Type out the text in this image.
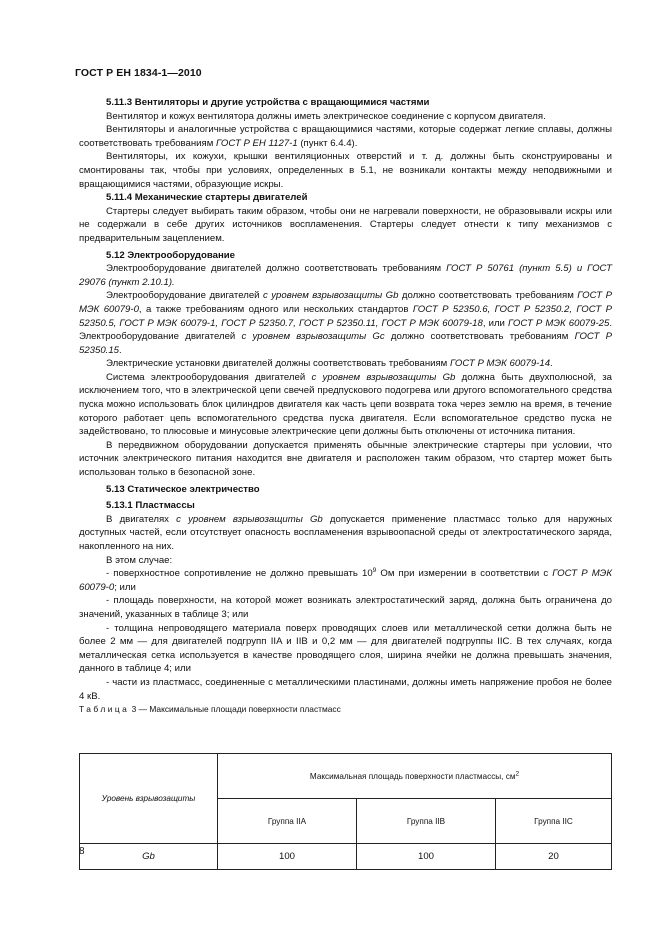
ГОСТ Р ЕН 1834-1—2010

5.11.3 Вентиляторы и другие устройства с вращающимися частями

Вентилятор и кожух вентилятора должны иметь электрическое соединение с корпусом двигателя.

Вентиляторы и аналогичные устройства с вращающимися частями, которые содержат легкие сплавы, должны соответствовать требованиям ГОСТ Р ЕН 1127-1 (пункт 6.4.4).

Вентиляторы, их кожухи, крышки вентиляционных отверстий и т. д. должны быть сконструированы и смонтированы так, чтобы при условиях, определенных в 5.1, не возникали контакты между неподвижными и вращающимися частями, образующие искры.

5.11.4 Механические стартеры двигателей

Стартеры следует выбирать таким образом, чтобы они не нагревали поверхности, не образовывали искры или не содержали в себе других источников воспламенения. Стартеры следует отнести к типу механизмов с предварительным зацеплением.

5.12 Электрооборудование

Электрооборудование двигателей должно соответствовать требованиям ГОСТ Р 50761 (пункт 5.5) и ГОСТ 29076 (пункт 2.10.1).

Электрооборудование двигателей с уровнем взрывозащиты Gb должно соответствовать требованиям ГОСТ Р МЭК 60079-0, а также требованиям одного или нескольких стандартов ГОСТ Р 52350.6, ГОСТ Р 52350.2, ГОСТ Р 52350.5, ГОСТ Р МЭК 60079-1, ГОСТ Р 52350.7, ГОСТ Р 52350.11, ГОСТ Р МЭК 60079-18, или ГОСТ Р МЭК 60079-25. Электрооборудование двигателей с уровнем взрывозащиты Gc должно соответствовать требованиям ГОСТ Р 52350.15.

Электрические установки двигателей должны соответствовать требованиям ГОСТ Р МЭК 60079-14.

Система электрооборудования двигателей с уровнем взрывозащиты Gb должна быть двухполюсной, за исключением того, что в электрической цепи свечей предпускового подогрева или другого вспомогательного средства пуска можно использовать блок цилиндров двигателя как часть цепи возврата тока через землю на время, в течение которого работает цепь вспомогательного средства пуска двигателя. Если вспомогательное средство пуска не задействовано, то плюсовые и минусовые электрические цепи должны быть отключены от источника питания.

В передвижном оборудовании допускается применять обычные электрические стартеры при условии, что источник электрического питания находится вне двигателя и расположен таким образом, что стартер может быть использован только в безопасной зоне.

5.13 Статическое электричество

5.13.1 Пластмассы

В двигателях с уровнем взрывозащиты Gb допускается применение пластмасс только для наружных доступных частей, если отсутствует опасность воспламенения взрывоопасной среды от электростатического заряда, накопленного на них.

В этом случае:

- поверхностное сопротивление не должно превышать $10^9$ Ом при измерении в соответствии с ГОСТ Р МЭК 60079-0; или

- площадь поверхности, на которой может возникать электростатический заряд, должна быть ограничена до значений, указанных в таблице 3; или

- толщина непроводящего материала поверх проводящих слоев или металлической сетки должна быть не более 2 мм — для двигателей подгрупп IIA и IIB и 0,2 мм — для двигателей подгруппы IIC. В тех случаях, когда металлическая сетка используется в качестве проводящего слоя, ширина ячейки не должна превышать значения, данного в таблице 4; или

- части из пластмасс, соединенные с металлическими пластинами, должны иметь напряжение пробоя не более 4 кВ.

Таблица 3 — Максимальные площади поверхности пластмасс

Уровень взрывозащиты	Максимальная площадь поверхности пластмассы, $см^2$
	Группа IIA	Группа IIB	Группа IIC
Gb	100	100	20
8
